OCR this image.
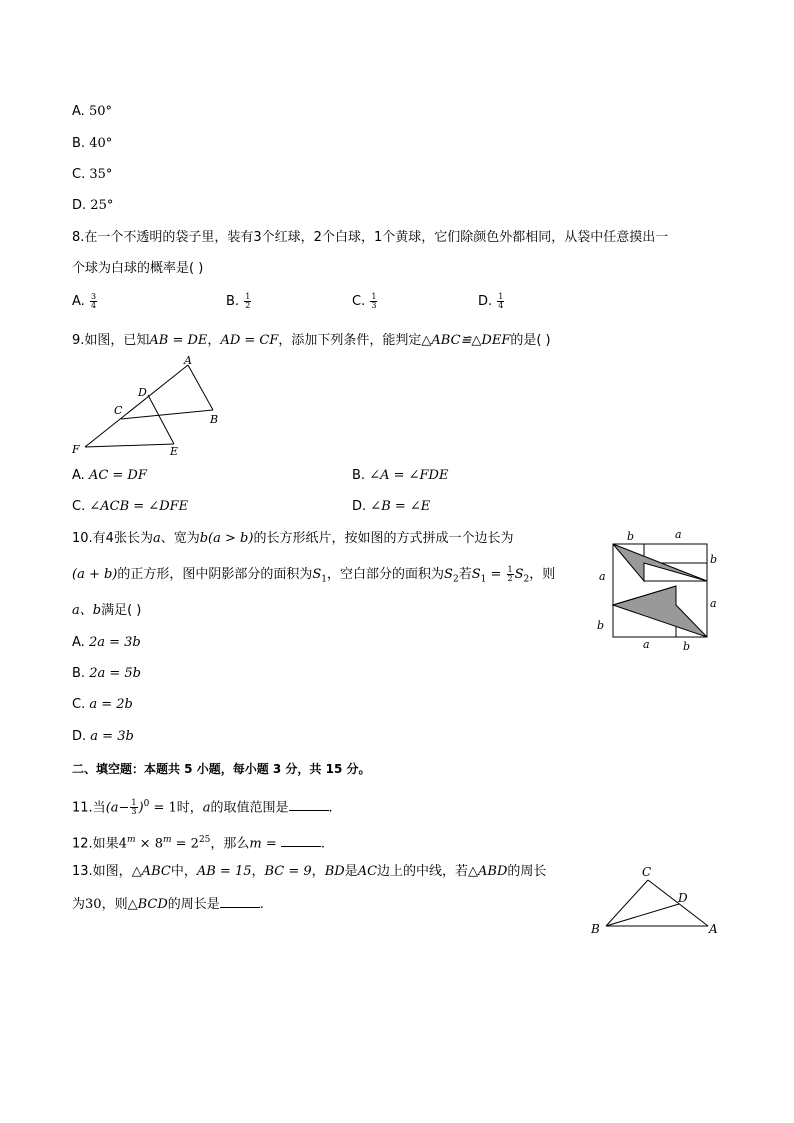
A. 50°
B. 40°
C. 35°
D. 25°
8.在一个不透明的袋子里，装有3个红球，2个白球，1个黄球，它们除颜色外都相同，从袋中任意摸出一
个球为白球的概率是( )
A. $\frac{3}{4}$	B. $\frac{1}{2}$	C. $\frac{1}{3}$	D. $\frac{1}{4}$
9.如图，已知AB = DE，AD = CF，添加下列条件，能判定△ABC≌△DEF的是( )
A
D
C
B
F	E
A. AC = DF	B. ∠A = ∠FDE
C. ∠ACB = ∠DFE	D. ∠B = ∠E
10.有4张长为a、宽为b(a > b)的长方形纸片，按如图的方式拼成一个边长为
(a + b)的正方形，图中阴影部分的面积为$S_1$，空白部分的面积为$S_2$若$S_1 = \frac{1}{2} S_2$，则
a、b满足( )
b	a
b
a
a
b
a	b
A. 2a = 3b
B. 2a = 5b
C. a = 2b
D. a = 3b
二、填空题：本题共 5 小题，每小题 3 分，共 15 分。
11.当$(a- \frac{1}{3} )^0 = 1$时，a的取值范围是	.
12.如果$4^m \times 8^m = 2^{25}$，那么m =	.
13.如图，△ABC中，AB = 15，BC = 9，BD是AC边上的中线，若△ABD的周长
为30，则△BCD的周长是	.
C
D
B	A
